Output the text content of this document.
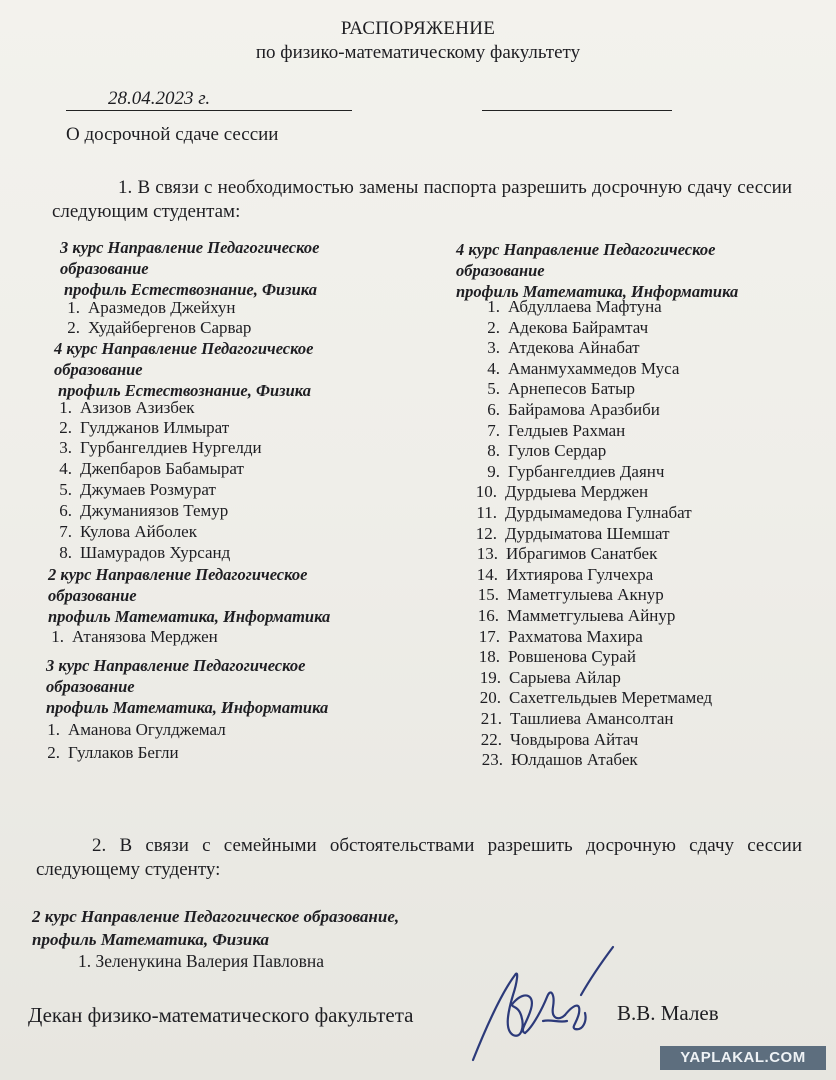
РАСПОРЯЖЕНИЕ
по физико-математическому факультету
28.04.2023 г.
О досрочной сдаче сессии
1. В связи с необходимостью замены паспорта разрешить досрочную сдачу сессии следующим студентам:
3 курс Направление Педагогическое
образование
профиль Естествознание, Физика
1. Аразмедов Джейхун
2. Худайбергенов Сарвар
4 курс Направление Педагогическое
образование
профиль Естествознание, Физика
1. Азизов Азизбек
2. Гулджанов Илмырат
3. Гурбангелдиев Нургелди
4. Джепбаров Бабамырат
5. Джумаев Розмурат
6. Джуманиязов Темур
7. Кулова Айболек
8. Шамурадов Хурсанд
2 курс Направление Педагогическое
образование
профиль Математика, Информатика
1. Атанязова Мерджен
3 курс Направление Педагогическое
образование
профиль Математика, Информатика
1. Аманова Огулджемал
2. Гуллаков Бегли
4 курс Направление Педагогическое
образование
профиль Математика, Информатика
1. Абдуллаева Мафтуна
2. Адекова Байрамтач
3. Атдекова Айнабат
4. Аманмухаммедов Муса
5. Арнепесов Батыр
6. Байрамова Аразбиби
7. Гелдыев Рахман
8. Гулов Сердар
9. Гурбангелдиев Даянч
10. Дурдыева Мерджен
11. Дурдымамедова Гулнабат
12. Дурдыматова Шемшат
13. Ибрагимов Санатбек
14. Ихтиярова Гулчехра
15. Маметгулыева Акнур
16. Мамметгулыева Айнур
17. Рахматова Махира
18. Ровшенова Сурай
19. Сарыева Айлар
20. Сахетгельдыев Меретмамед
21. Ташлиева Амансолтан
22. Човдырова Айтач
23. Юлдашов Атабек
2. В связи с семейными обстоятельствами разрешить досрочную сдачу сессии следующему студенту:
2 курс Направление Педагогическое образование,
профиль Математика, Физика
1. Зеленукина Валерия Павловна
Декан физико-математического факультета	В.В. Малев
YAPLAKAL.COM
